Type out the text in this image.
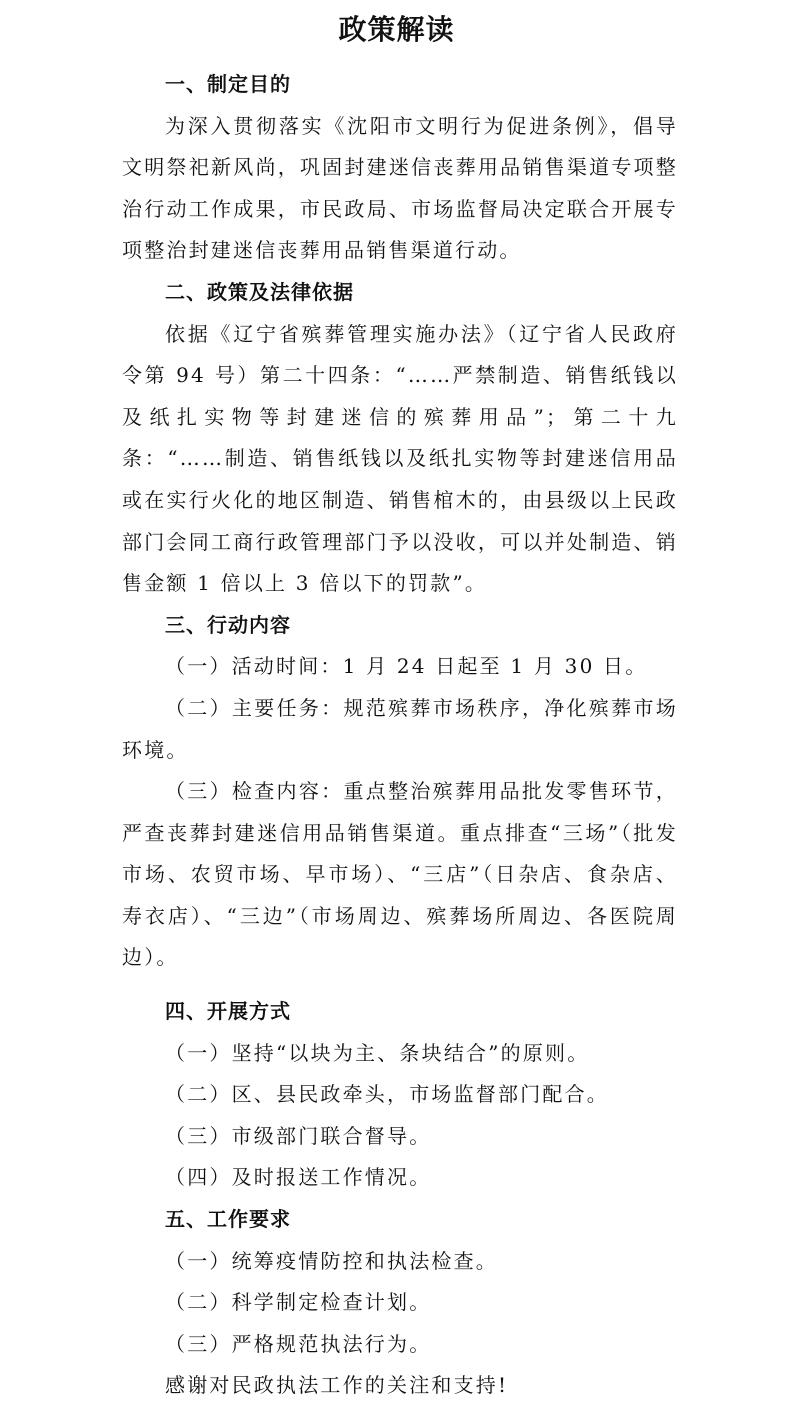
政策解读

一、制定目的

为深入贯彻落实《沈阳市文明行为促进条例》，倡导文明祭祀新风尚，巩固封建迷信丧葬用品销售渠道专项整治行动工作成果，市民政局、市场监督局决定联合开展专项整治封建迷信丧葬用品销售渠道行动。

二、政策及法律依据

依据《辽宁省殡葬管理实施办法》（辽宁省人民政府令第 94 号）第二十四条：“……严禁制造、销售纸钱以及纸扎实物等封建迷信的殡葬用品”；第二十九条：“……制造、销售纸钱以及纸扎实物等封建迷信用品或在实行火化的地区制造、销售棺木的，由县级以上民政部门会同工商行政管理部门予以没收，可以并处制造、销售金额 1 倍以上 3 倍以下的罚款”。

三、行动内容

（一）活动时间：1 月 24 日起至 1 月 30 日。

（二）主要任务：规范殡葬市场秩序，净化殡葬市场环境。

（三）检查内容：重点整治殡葬用品批发零售环节，严查丧葬封建迷信用品销售渠道。重点排查“三场”（批发市场、农贸市场、早市场）、“三店”（日杂店、食杂店、寿衣店）、“三边”（市场周边、殡葬场所周边、各医院周边）。

四、开展方式

（一）坚持“以块为主、条块结合”的原则。

（二）区、县民政牵头，市场监督部门配合。

（三）市级部门联合督导。

（四）及时报送工作情况。

五、工作要求

（一）统筹疫情防控和执法检查。

（二）科学制定检查计划。

（三）严格规范执法行为。

感谢对民政执法工作的关注和支持!
